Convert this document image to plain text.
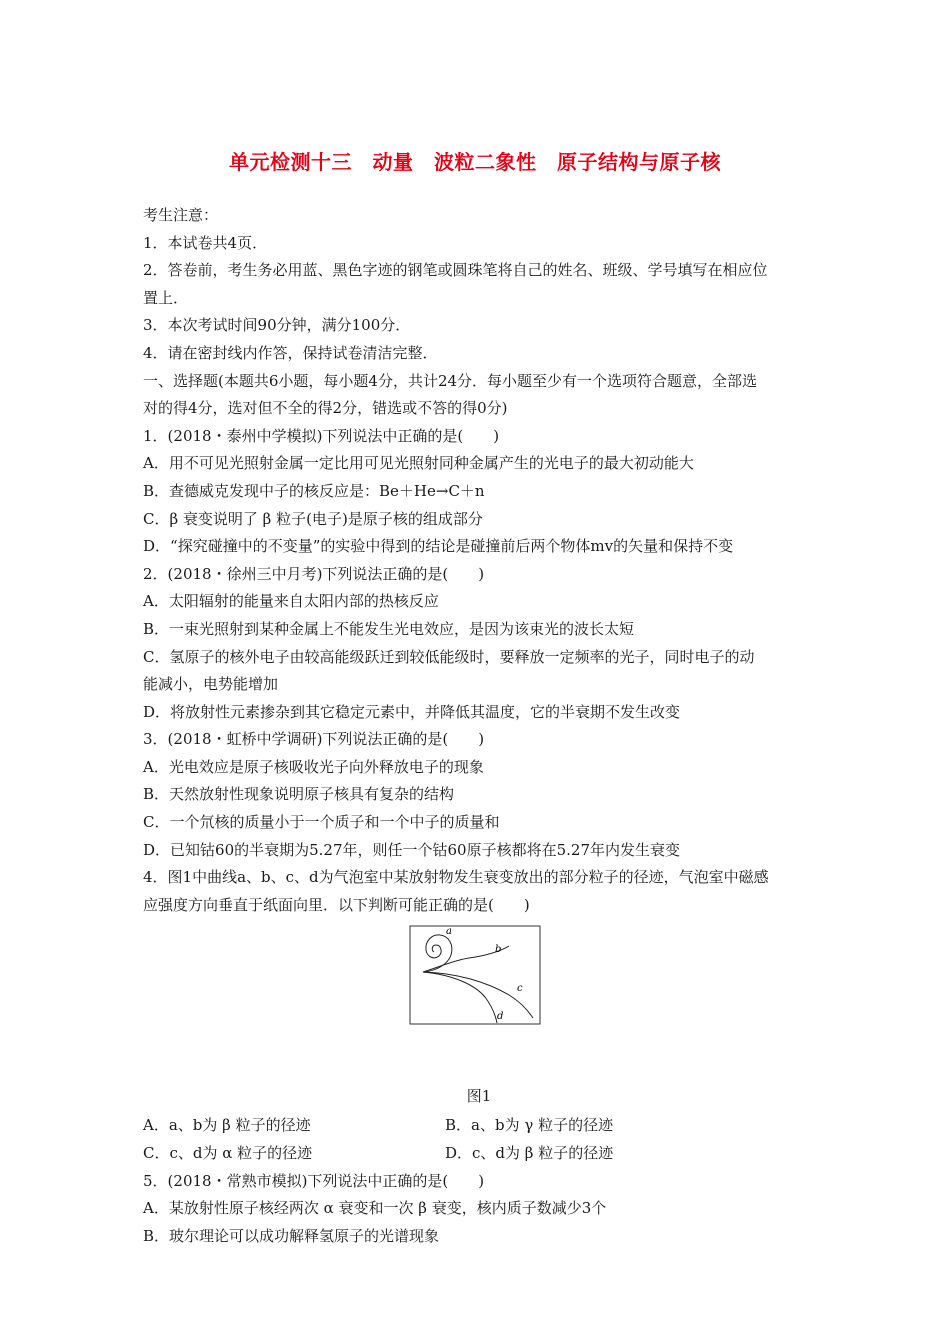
单元检测十三　动量　波粒二象性　原子结构与原子核
考生注意：
1．本试卷共4页．
2．答卷前，考生务必用蓝、黑色字迹的钢笔或圆珠笔将自己的姓名、班级、学号填写在相应位
置上．
3．本次考试时间90分钟，满分100分．
4．请在密封线内作答，保持试卷清洁完整．
一、选择题(本题共6小题，每小题4分，共计24分．每小题至少有一个选项符合题意，全部选
对的得4分，选对但不全的得2分，错选或不答的得0分)
1．(2018・泰州中学模拟)下列说法中正确的是(　　)
A．用不可见光照射金属一定比用可见光照射同种金属产生的光电子的最大初动能大
B．查德威克发现中子的核反应是：Be＋He→C＋n
C．β 衰变说明了 β 粒子(电子)是原子核的组成部分
D．“探究碰撞中的不变量”的实验中得到的结论是碰撞前后两个物体mv的矢量和保持不变
2．(2018・徐州三中月考)下列说法正确的是(　　)
A．太阳辐射的能量来自太阳内部的热核反应
B．一束光照射到某种金属上不能发生光电效应，是因为该束光的波长太短
C．氢原子的核外电子由较高能级跃迁到较低能级时，要释放一定频率的光子，同时电子的动
能减小，电势能增加
D．将放射性元素掺杂到其它稳定元素中，并降低其温度，它的半衰期不发生改变
3．(2018・虹桥中学调研)下列说法正确的是(　　)
A．光电效应是原子核吸收光子向外释放电子的现象
B．天然放射性现象说明原子核具有复杂的结构
C．一个氘核的质量小于一个质子和一个中子的质量和
D．已知钴60的半衰期为5.27年，则任一个钴60原子核都将在5.27年内发生衰变
4．图1中曲线a、b、c、d为气泡室中某放射物发生衰变放出的部分粒子的径迹，气泡室中磁感
应强度方向垂直于纸面向里．以下判断可能正确的是(　　)
a
b
c
d
图1
A．a、b为 β 粒子的径迹	B．a、b为 γ 粒子的径迹
C．c、d为 α 粒子的径迹	D．c、d为 β 粒子的径迹
5．(2018・常熟市模拟)下列说法中正确的是(　　)
A．某放射性原子核经两次 α 衰变和一次 β 衰变，核内质子数减少3个
B．玻尔理论可以成功解释氢原子的光谱现象
